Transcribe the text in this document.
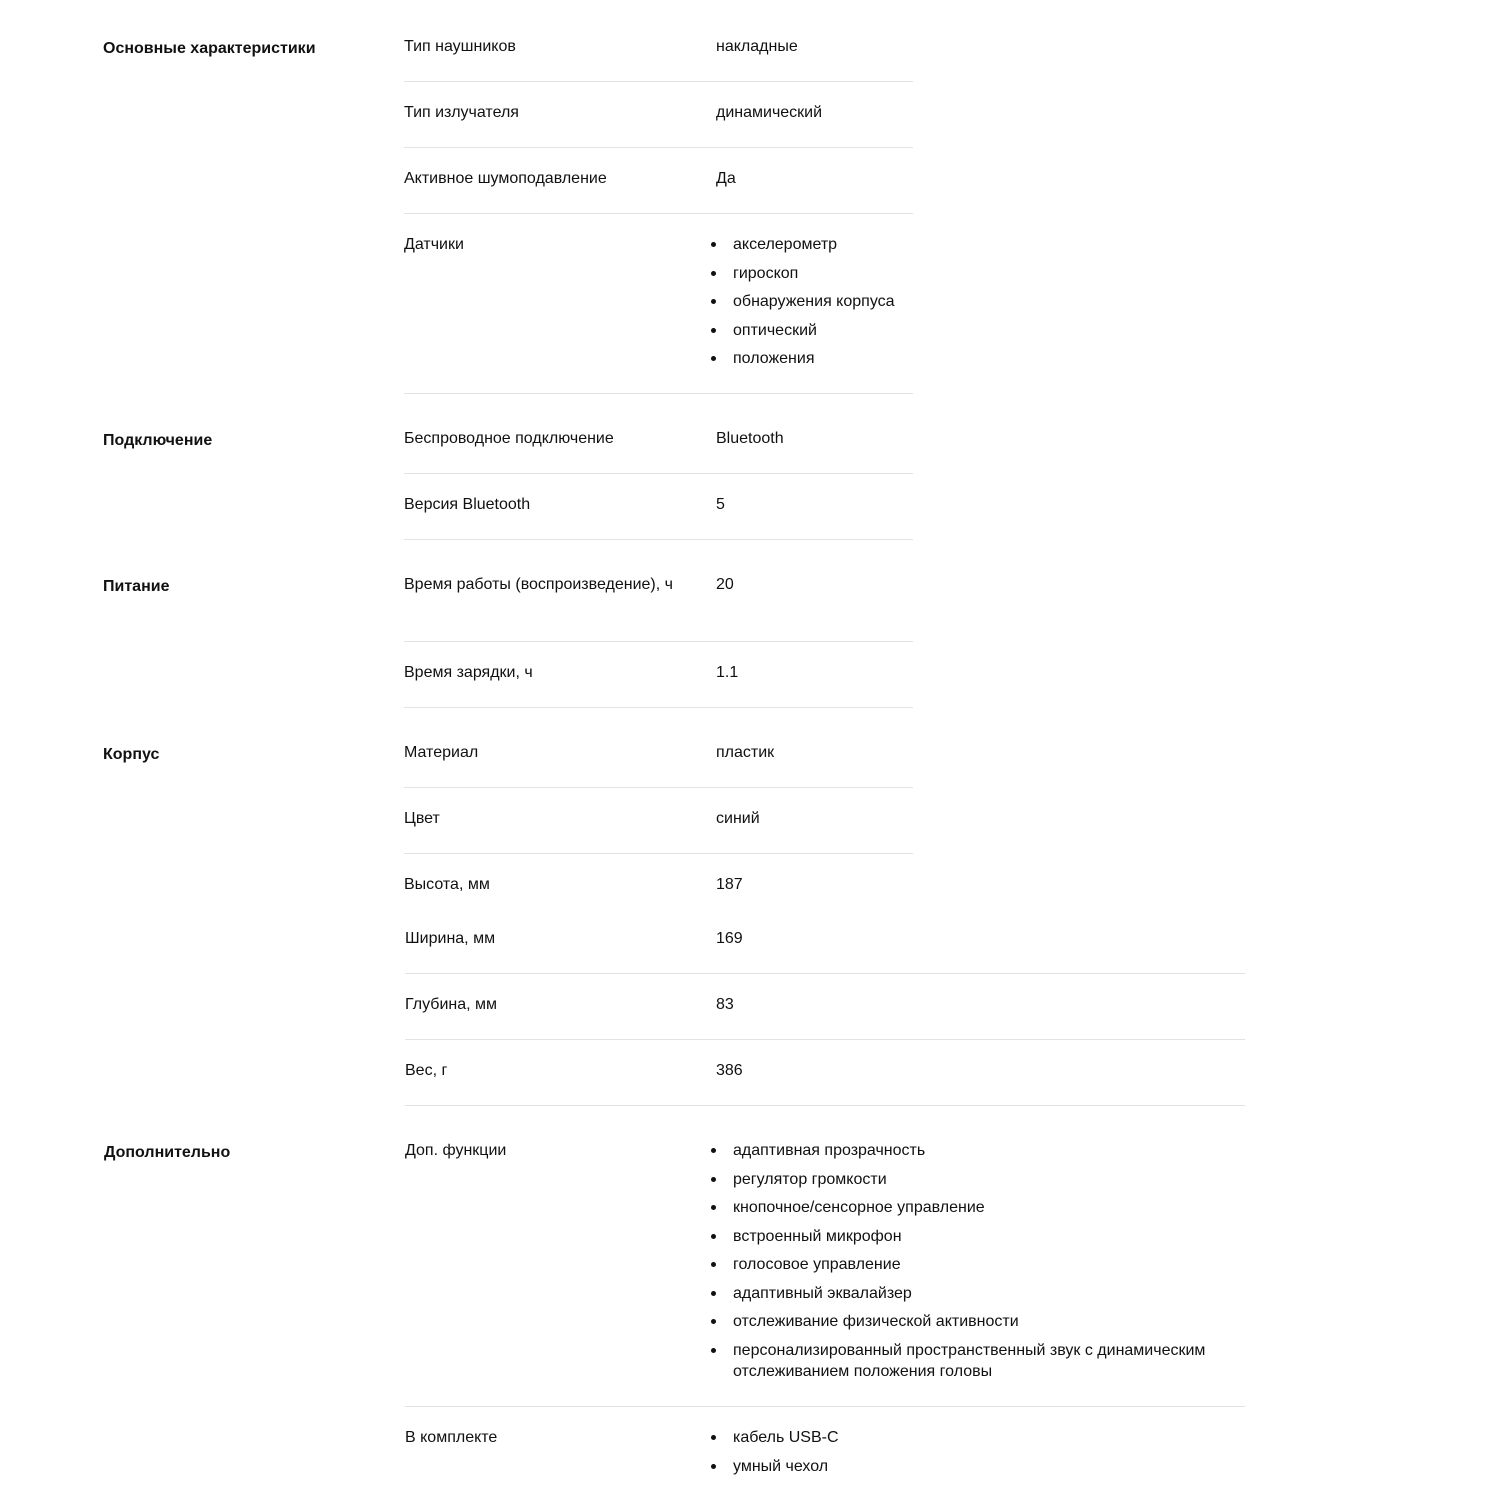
Основные характеристики	Тип наушников	накладные
Тип излучателя	динамический
Активное шумоподавление	Да
Датчики	акселерометр
гироскоп
обнаружения корпуса
оптический
положения
Подключение	Беспроводное подключение	Bluetooth
Версия Bluetooth	5
Питание	Время работы (воспроизведение), ч	20
Время зарядки, ч	1.1
Корпус	Материал	пластик
Цвет	синий
Высота, мм	187
Ширина, мм	169
Глубина, мм	83
Вес, г	386
Дополнительно	Доп. функции	адаптивная прозрачность
регулятор громкости
кнопочное/сенсорное управление
встроенный микрофон
голосовое управление
адаптивный эквалайзер
отслеживание физической активности
персонализированный пространственный звук с динамическим отслеживанием положения головы
В комплекте	кабель USB-C
умный чехол
